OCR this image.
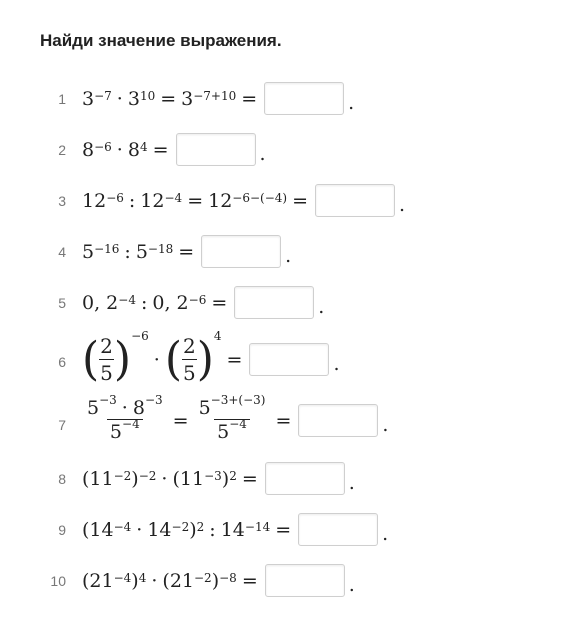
Найди значение выражения.
1 $3^{-7} \cdot 3^{10} = 3^{-7+10}$ =	.
2 $8^{-6} \cdot 8^4$ =	.
3 $12^{-6}$ : $12^{-4} = 12^{-6-(-4)}$ =	.
4 $5^{-16}$ : $5^{-18}$ =	.
5 0, $2^{-4}$ : 0, $2^{-6}$ =	.
6 ( 2
5 ) −6
· ( 2
5 ) 4
=	.
$7 \frac{5^{-3} \cdot 8^{-3}}{5^{-4}} = \frac{5^{-3+(-3)}}{5^{-4}}$ =	.
8 ($11^{-2}$ )$^{-2} \cdot (11^{-3}$ )$^2$ =	.
9 ($14^{-4} \cdot 14^{-2}$ )$^2$ : $14^{-14}$ =	.
10 ($21^{-4}$ )$^4 \cdot (21^{-2}$ )$^{-8}$ =	.
